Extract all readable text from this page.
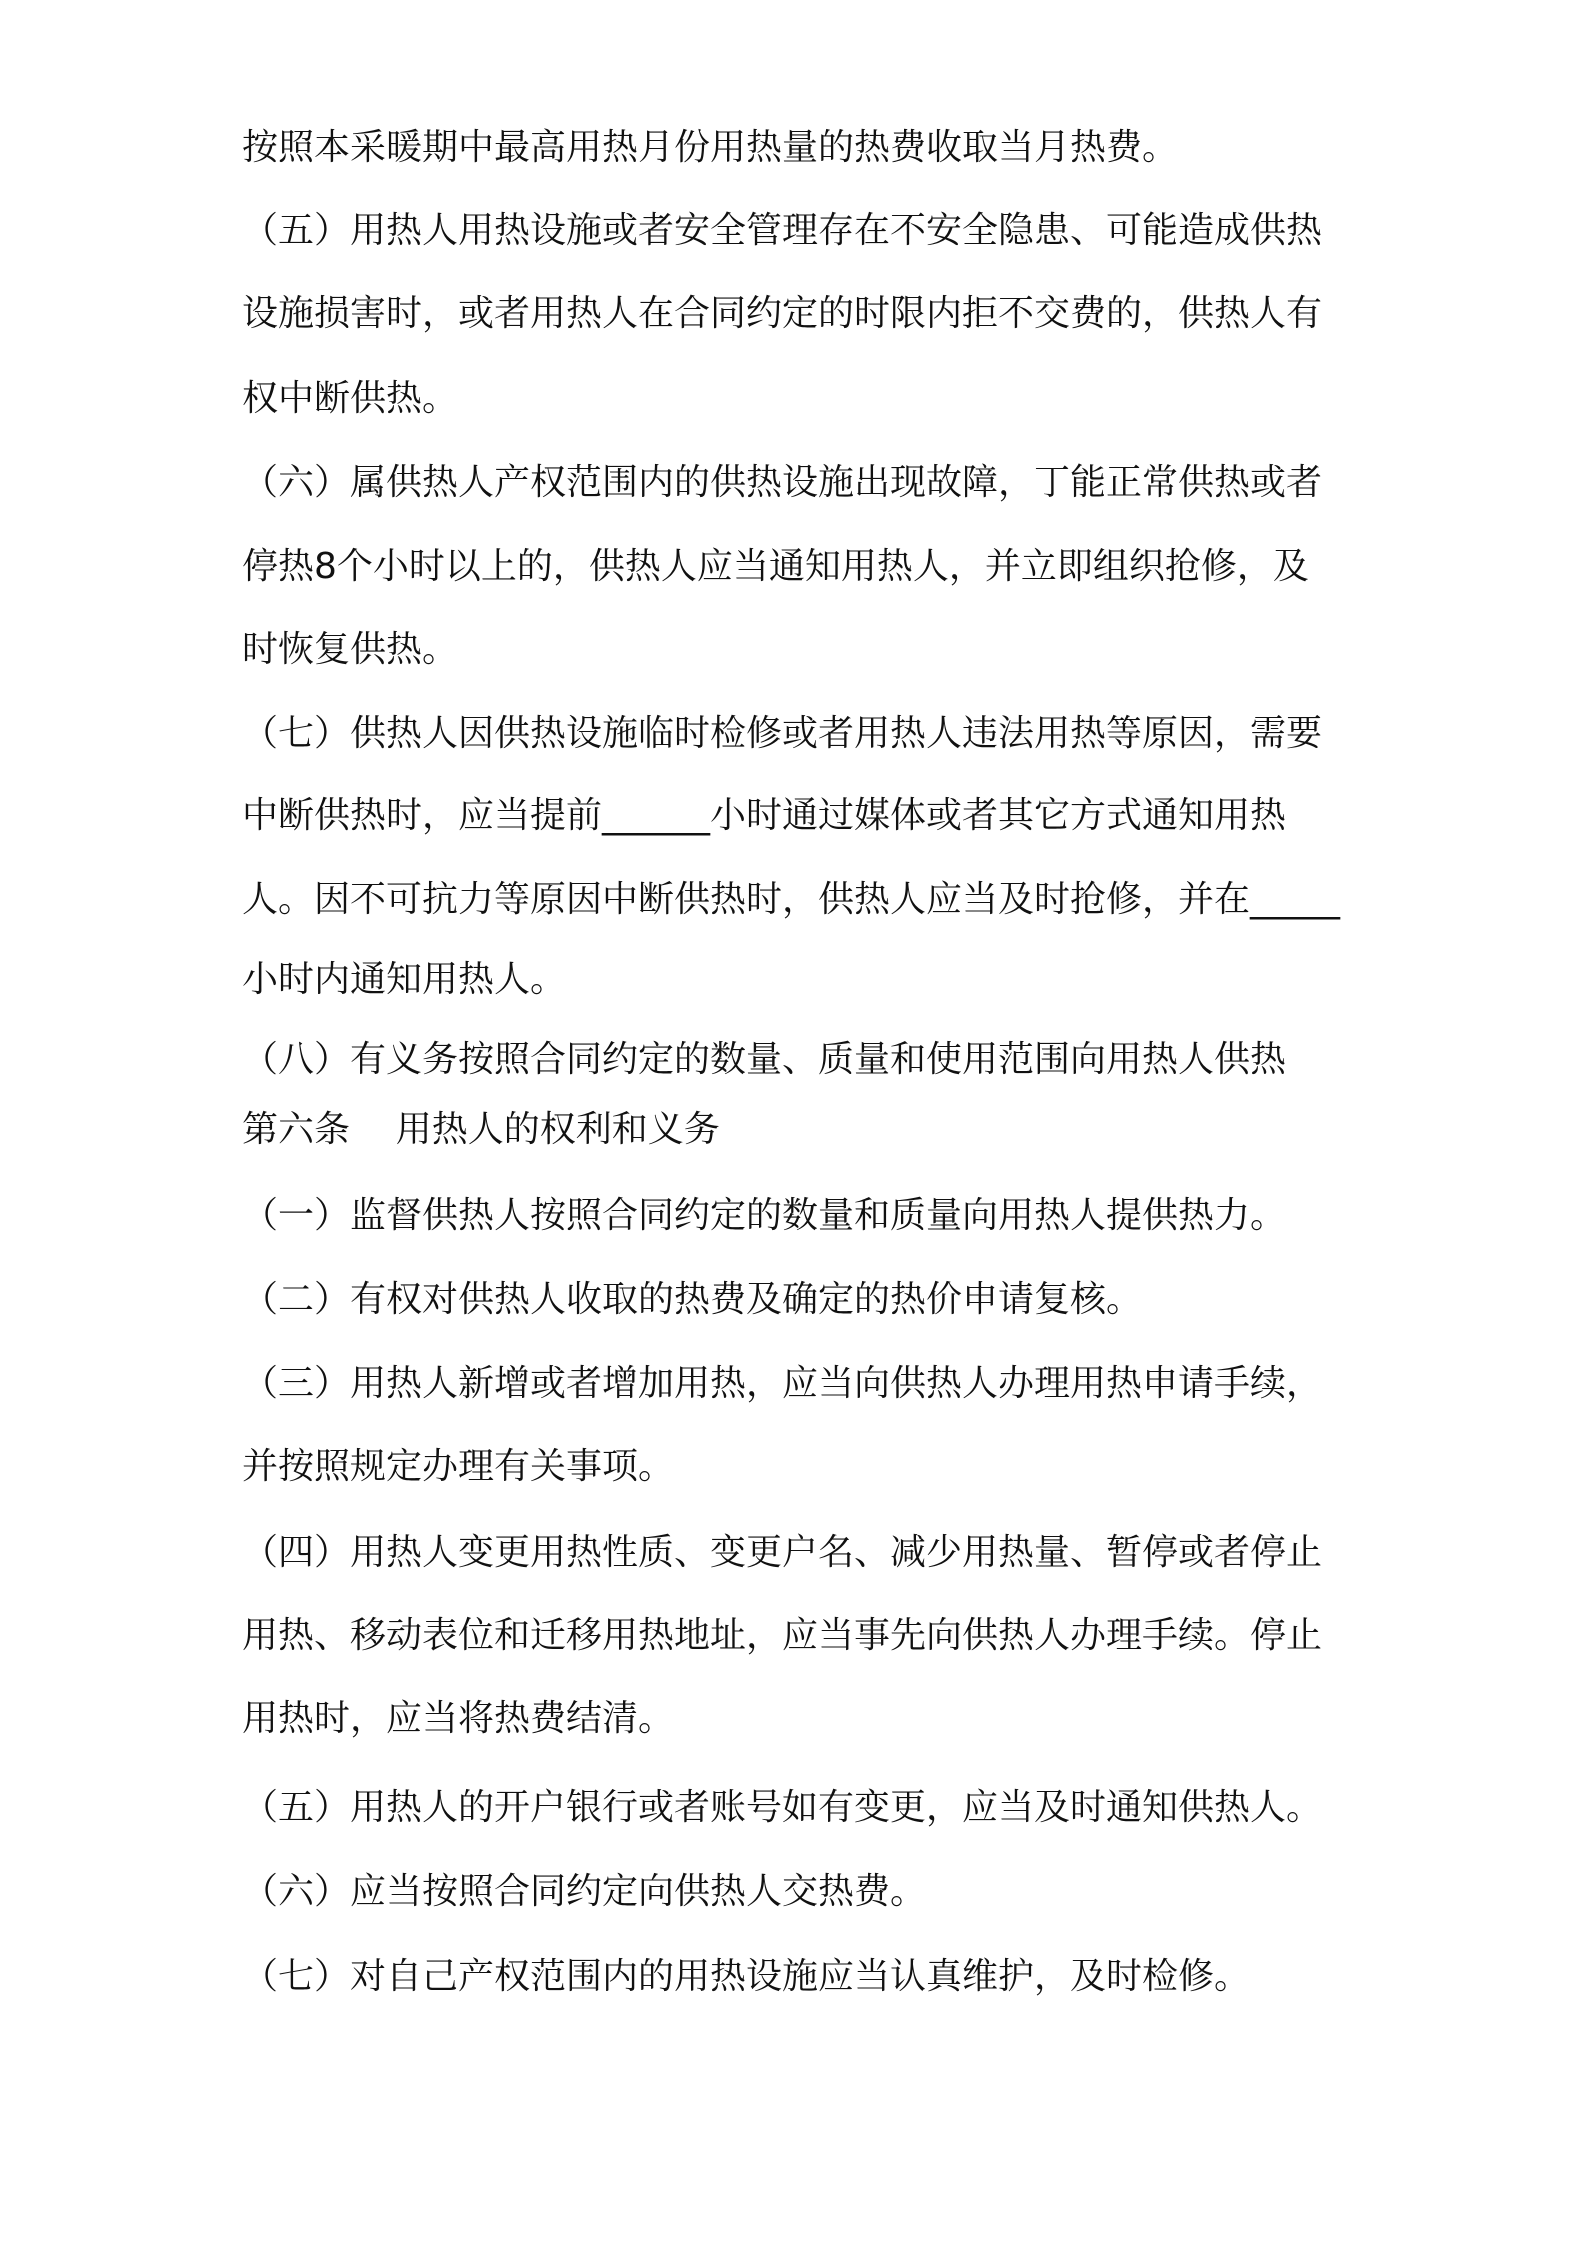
按照本采暖期中最高用热月份用热量的热费收取当月热费。
（五）用热人用热设施或者安全管理存在不安全隐患、可能造成供热
设施损害时，或者用热人在合同约定的时限内拒不交费的，供热人有
权中断供热。
（六）属供热人产权范围内的供热设施出现故障，丁能正常供热或者
停热8个小时以上的，供热人应当通知用热人，并立即组织抢修，及
时恢复供热。
（七）供热人因供热设施临时检修或者用热人违法用热等原因，需要
中断供热时，应当提前______小时通过媒体或者其它方式通知用热
人。因不可抗力等原因中断供热时，供热人应当及时抢修，并在_____
小时内通知用热人。
（八）有义务按照合同约定的数量、质量和使用范围向用热人供热
第六条    用热人的权利和义务
（一）监督供热人按照合同约定的数量和质量向用热人提供热力。
（二）有权对供热人收取的热费及确定的热价申请复核。
（三）用热人新增或者增加用热，应当向供热人办理用热申请手续，
并按照规定办理有关事项。
（四）用热人变更用热性质、变更户名、减少用热量、暂停或者停止
用热、移动表位和迁移用热地址，应当事先向供热人办理手续。停止
用热时，应当将热费结清。
（五）用热人的开户银行或者账号如有变更，应当及时通知供热人。
（六）应当按照合同约定向供热人交热费。
（七）对自己产权范围内的用热设施应当认真维护，及时检修。
